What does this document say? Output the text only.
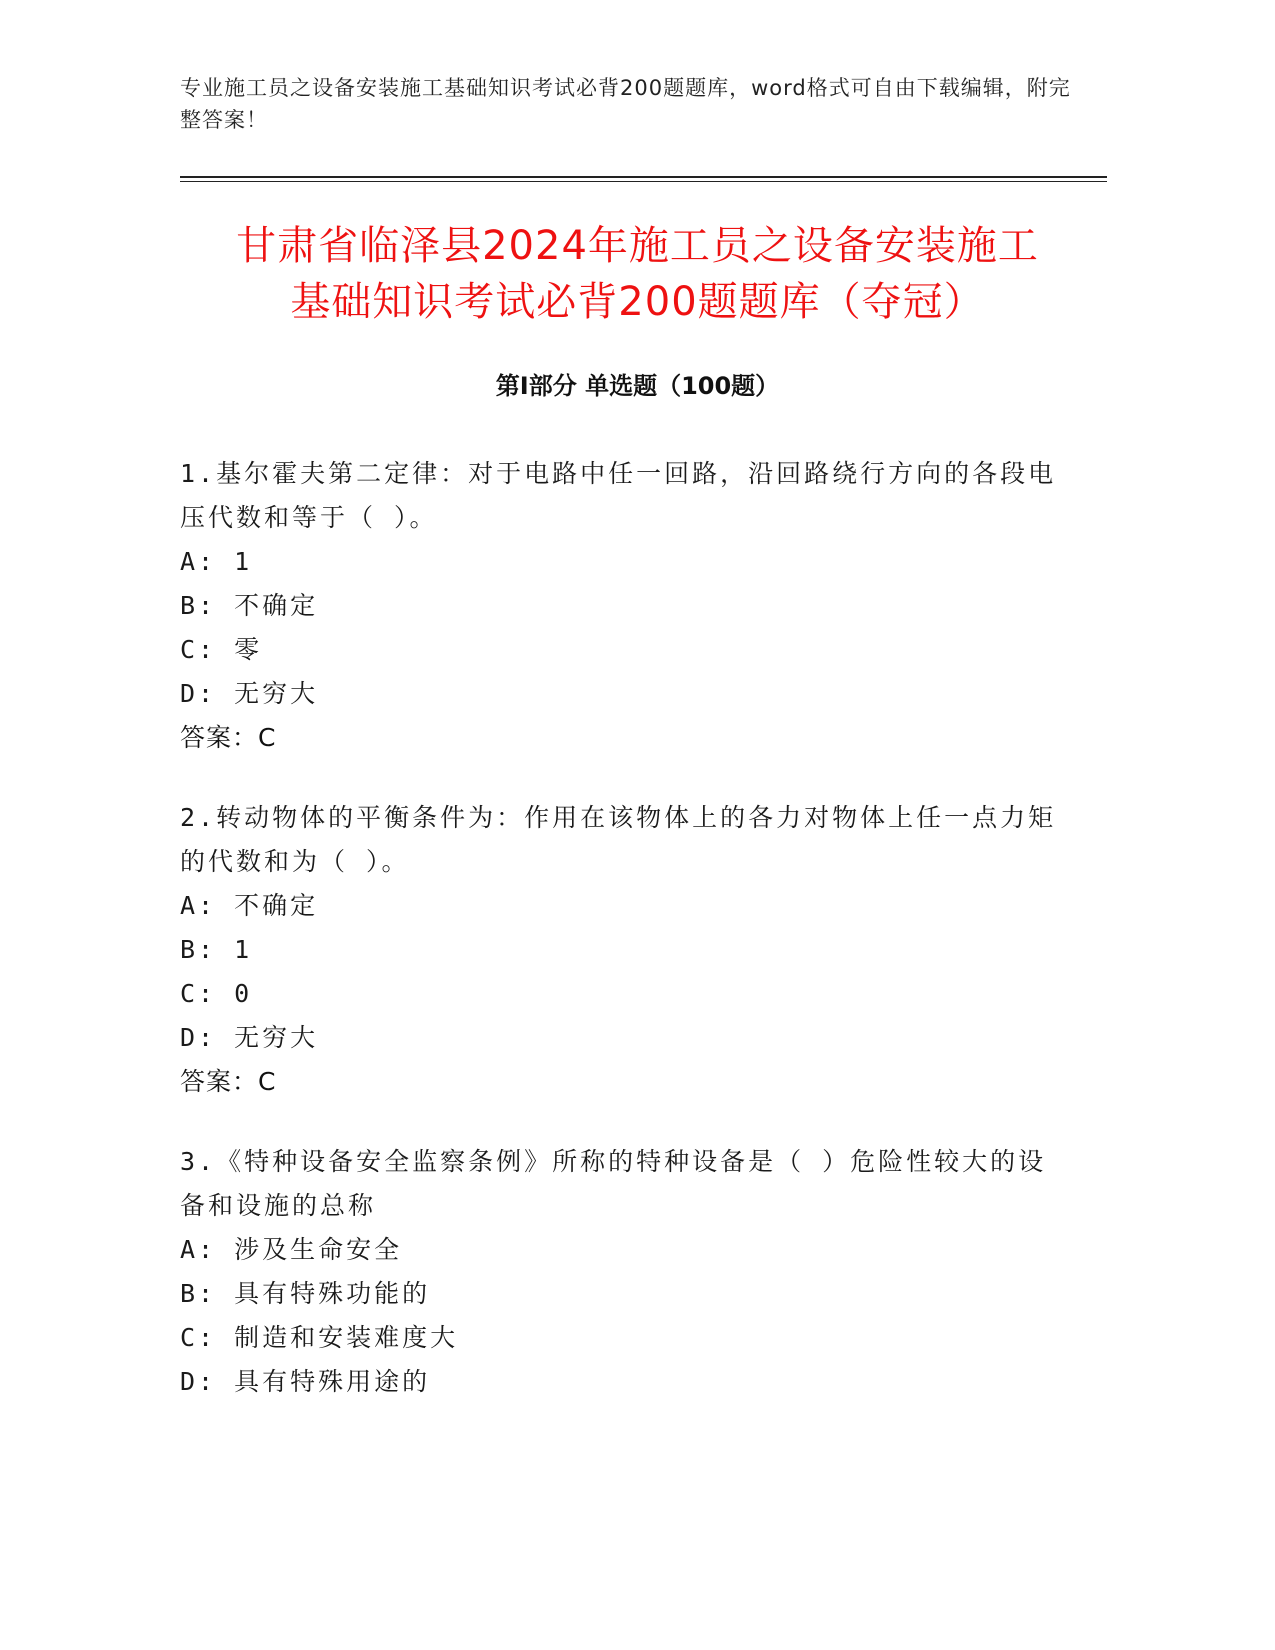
专业施工员之设备安装施工基础知识考试必背200题题库，word格式可自由下载编辑，附完整答案！
甘肃省临泽县2024年施工员之设备安装施工
基础知识考试必背200题题库（夺冠）
第I部分 单选题（100题）
1.基尔霍夫第二定律：对于电路中任一回路，沿回路绕行方向的各段电压代数和等于（ ）。
A: 1
B: 不确定
C: 零
D: 无穷大
答案：C
2.转动物体的平衡条件为：作用在该物体上的各力对物体上任一点力矩的代数和为（ ）。
A: 不确定
B: 1
C: 0
D: 无穷大
答案：C
3.《特种设备安全监察条例》所称的特种设备是（ ）危险性较大的设备和设施的总称
A: 涉及生命安全
B: 具有特殊功能的
C: 制造和安装难度大
D: 具有特殊用途的
